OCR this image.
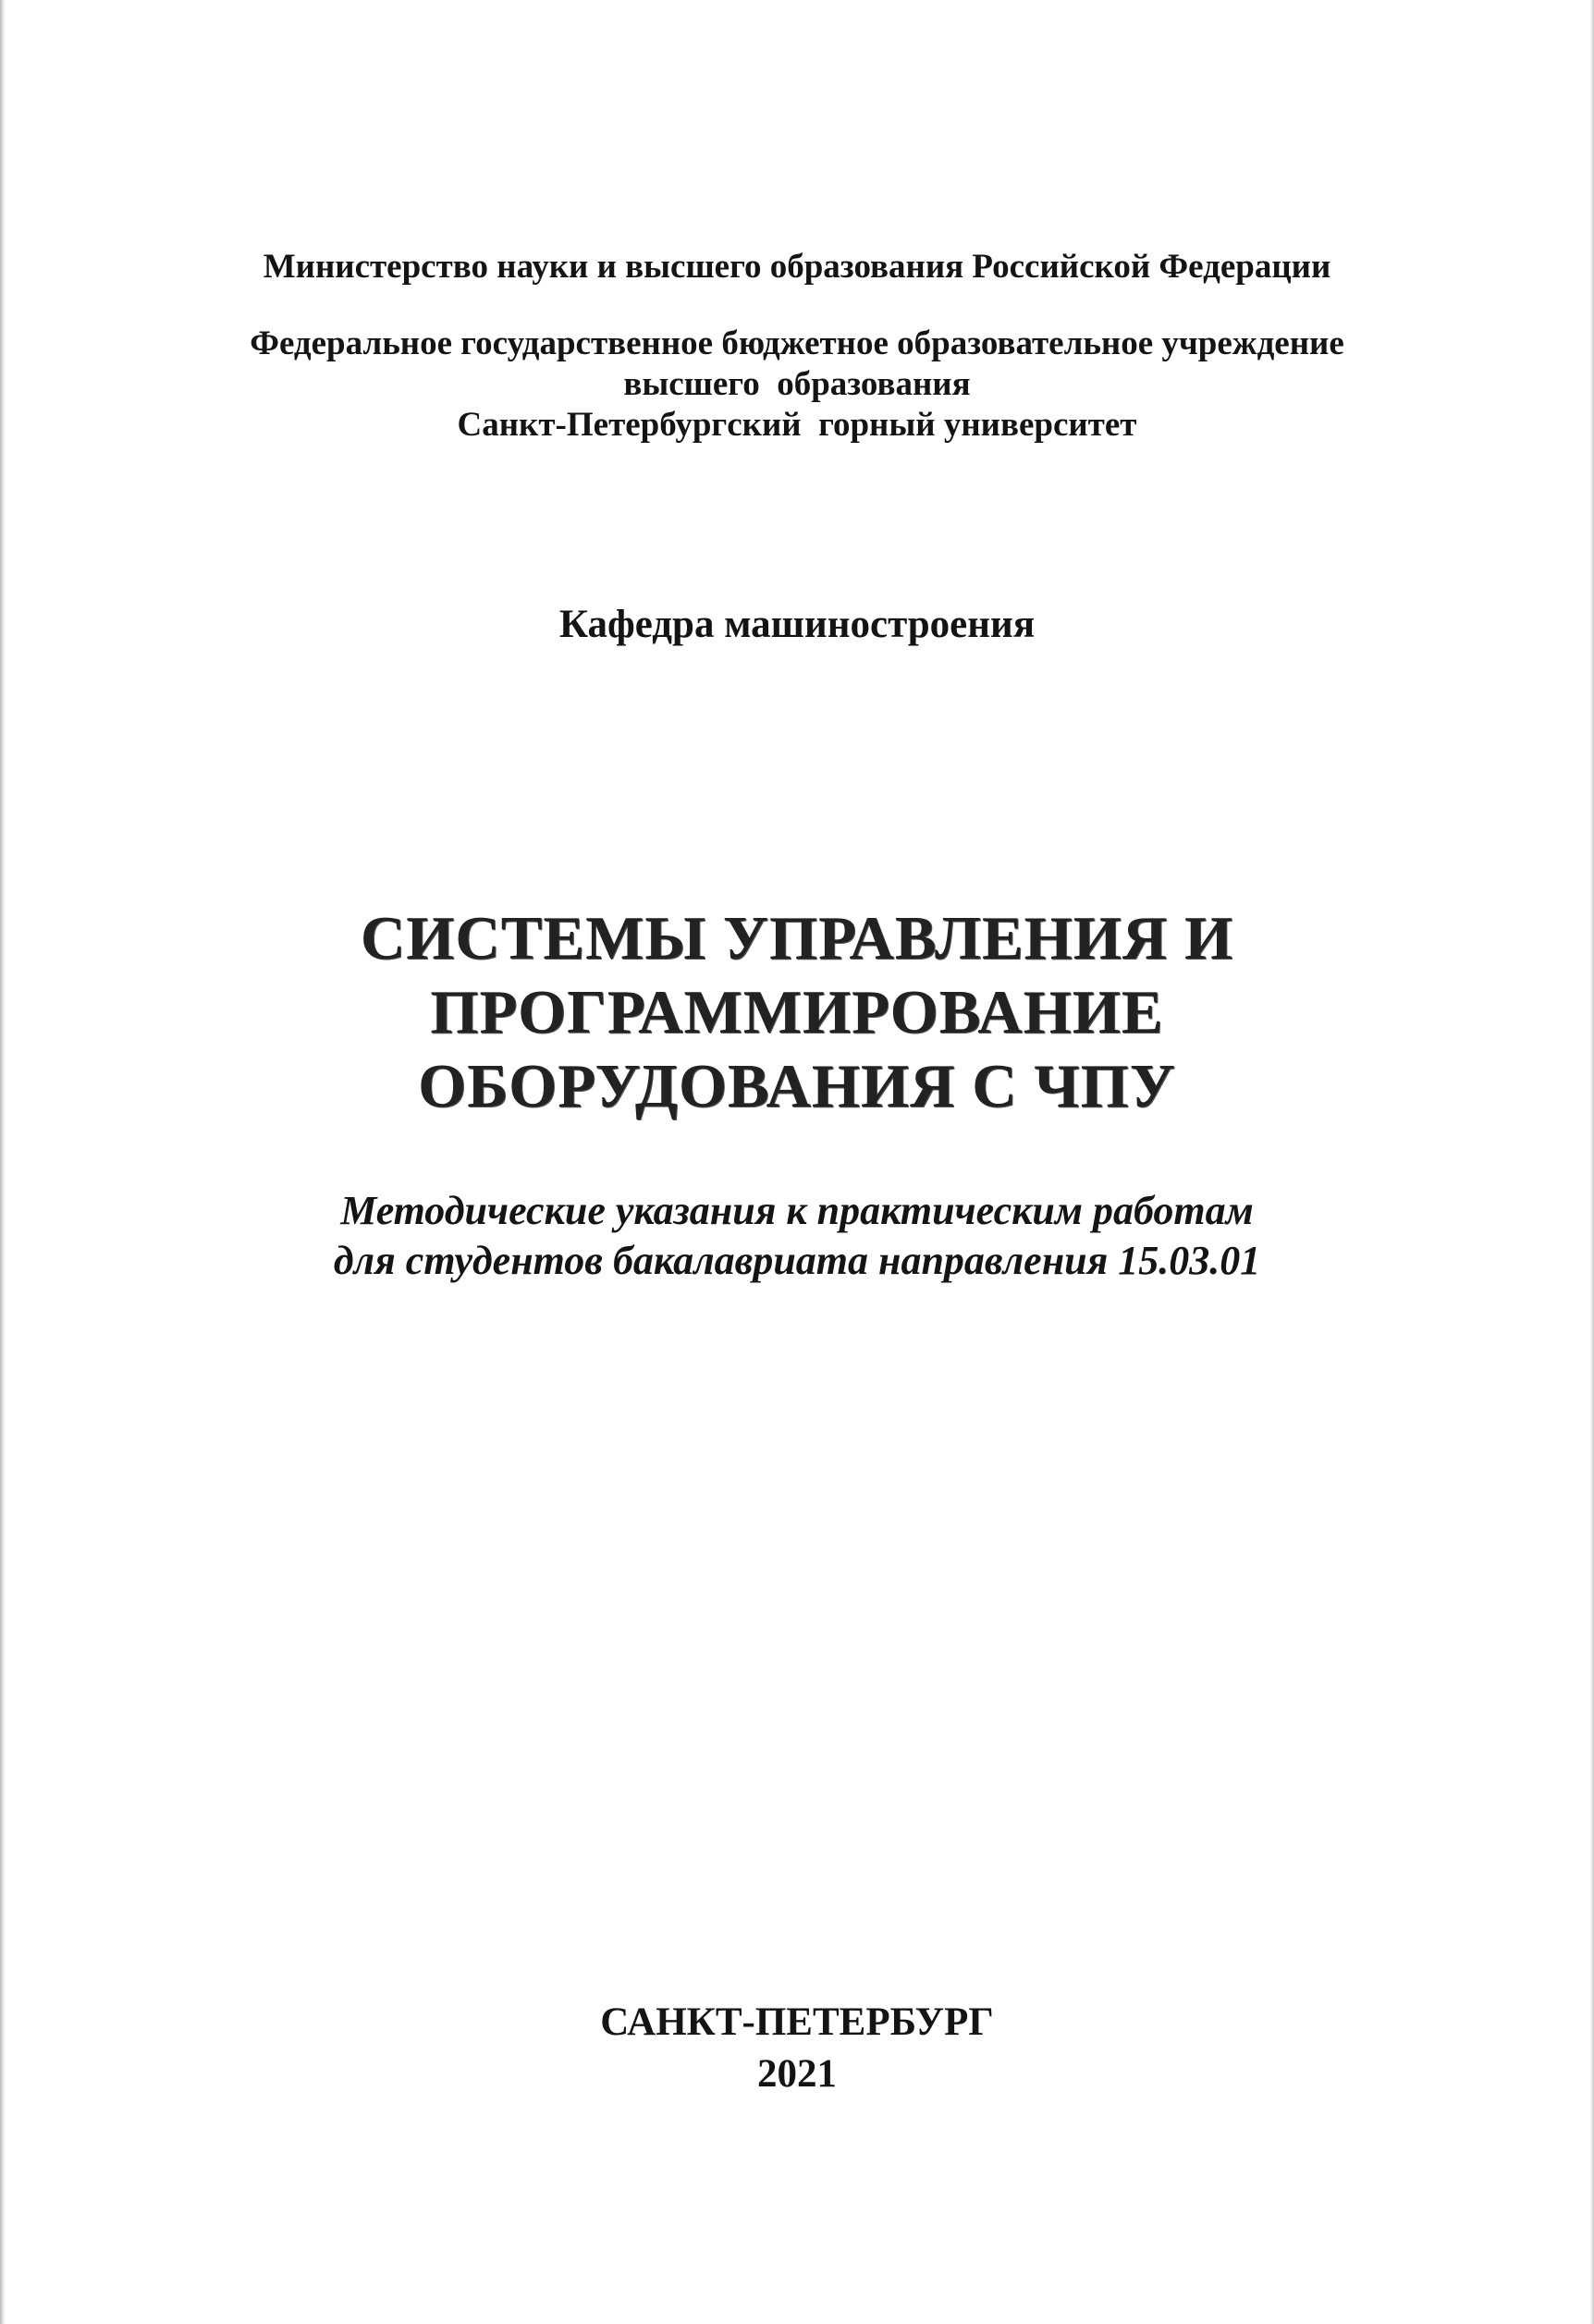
Министерство науки и высшего образования Российской Федерации
Федеральное государственное бюджетное образовательное учреждение
высшего  образования
Санкт-Петербургский  горный университет
Кафедра машиностроения
СИСТЕМЫ УПРАВЛЕНИЯ И
ПРОГРАММИРОВАНИЕ
ОБОРУДОВАНИЯ С ЧПУ
Методические указания к практическим работам
для студентов бакалавриата направления 15.03.01
САНКТ-ПЕТЕРБУРГ
2021
